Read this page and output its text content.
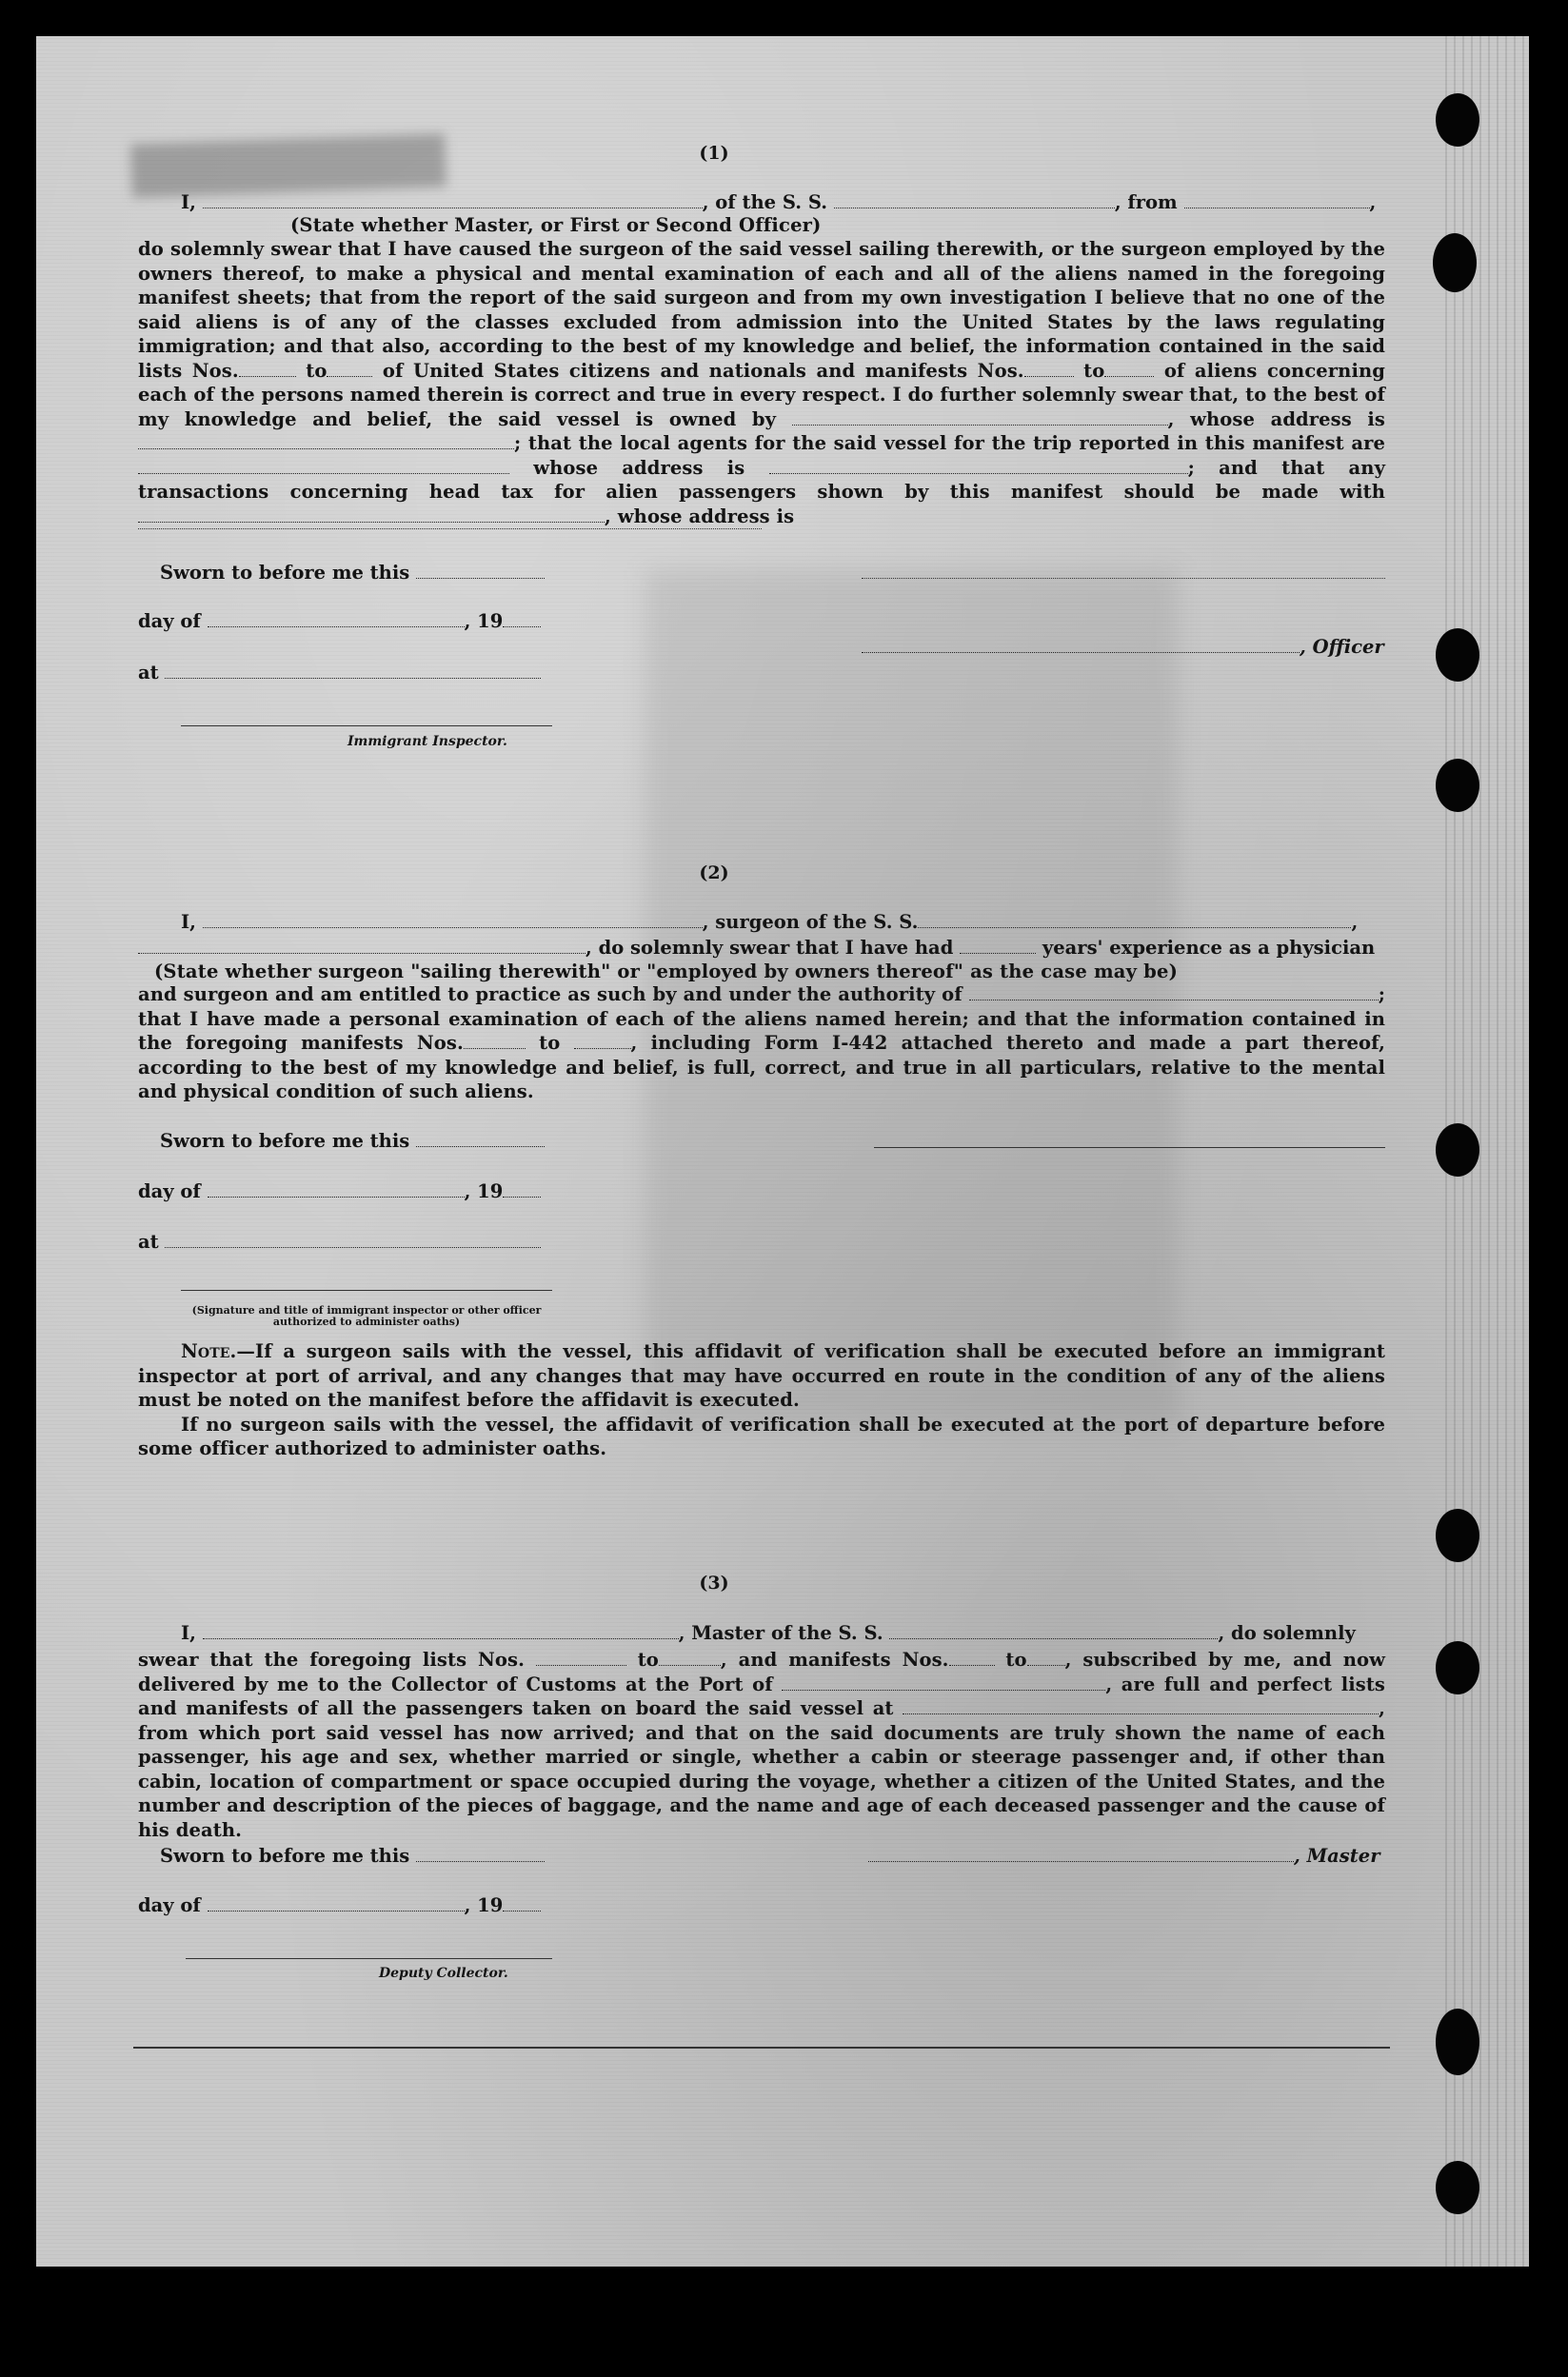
(1)
I,	, of the S. S.	, from	,
(State whether Master, or First or Second Officer)

do solemnly swear that I have caused the surgeon of the said vessel sailing therewith, or the surgeon employed by the owners thereof, to make a physical and mental examination of each and all of the aliens named in the foregoing manifest sheets; that from the report of the said surgeon and from my own investigation I believe that no one of the said aliens is of any of the classes excluded from admission into the United States by the laws regulating immigration; and that also, according to the best of my knowledge and belief, the information contained in the said lists Nos.	to	of United States citizens and nationals and manifests Nos.	to	of aliens concerning each of the persons named therein is correct and true in every respect. I do further solemnly swear that, to the best of my knowledge and belief, the said vessel is owned by	, whose address is ; that the local agents for the said vessel for the trip reported in this manifest are  whose address is	; and that any transactions concerning head tax for alien passengers shown by this manifest should be made with , whose address is

Sworn to before me this
day of	, 19
, Officer
at
Immigrant Inspector.
(2)
I,	, surgeon of the S. S.	,
, do solemnly swear that I have had	years' experience as a physician
(State whether surgeon "sailing therewith" or "employed by owners thereof" as the case may be)

and surgeon and am entitled to practice as such by and under the authority of	; that I have made a personal examination of each of the aliens named herein; and that the information contained in the foregoing manifests Nos.	to	, including Form I-442 attached thereto and made a part thereof, according to the best of my knowledge and belief, is full, correct, and true in all particulars, relative to the mental and physical condition of such aliens.

Sworn to before me this
day of	, 19
at
(Signature and title of immigrant inspector or other officer authorized to administer oaths)

Note.—If a surgeon sails with the vessel, this affidavit of verification shall be executed before an immigrant inspector at port of arrival, and any changes that may have occurred en route in the condition of any of the aliens must be noted on the manifest before the affidavit is executed.

If no surgeon sails with the vessel, the affidavit of verification shall be executed at the port of departure before some officer authorized to administer oaths.

(3)
I,	, Master of the S. S.	, do solemnly

swear that the foregoing lists Nos.	to	, and manifests Nos.	to , subscribed by me, and now delivered by me to the Collector of Customs at the Port of	, are full and perfect lists and manifests of all the passengers taken on board the said vessel at	, from which port said vessel has now arrived; and that on the said documents are truly shown the name of each passenger, his age and sex, whether married or single, whether a cabin or steerage passenger and, if other than cabin, location of compartment or space occupied during the voyage, whether a citizen of the United States, and the number and description of the pieces of baggage, and the name and age of each deceased passenger and the cause of his death.

Sworn to before me this	, Master
day of	, 19
Deputy Collector.
